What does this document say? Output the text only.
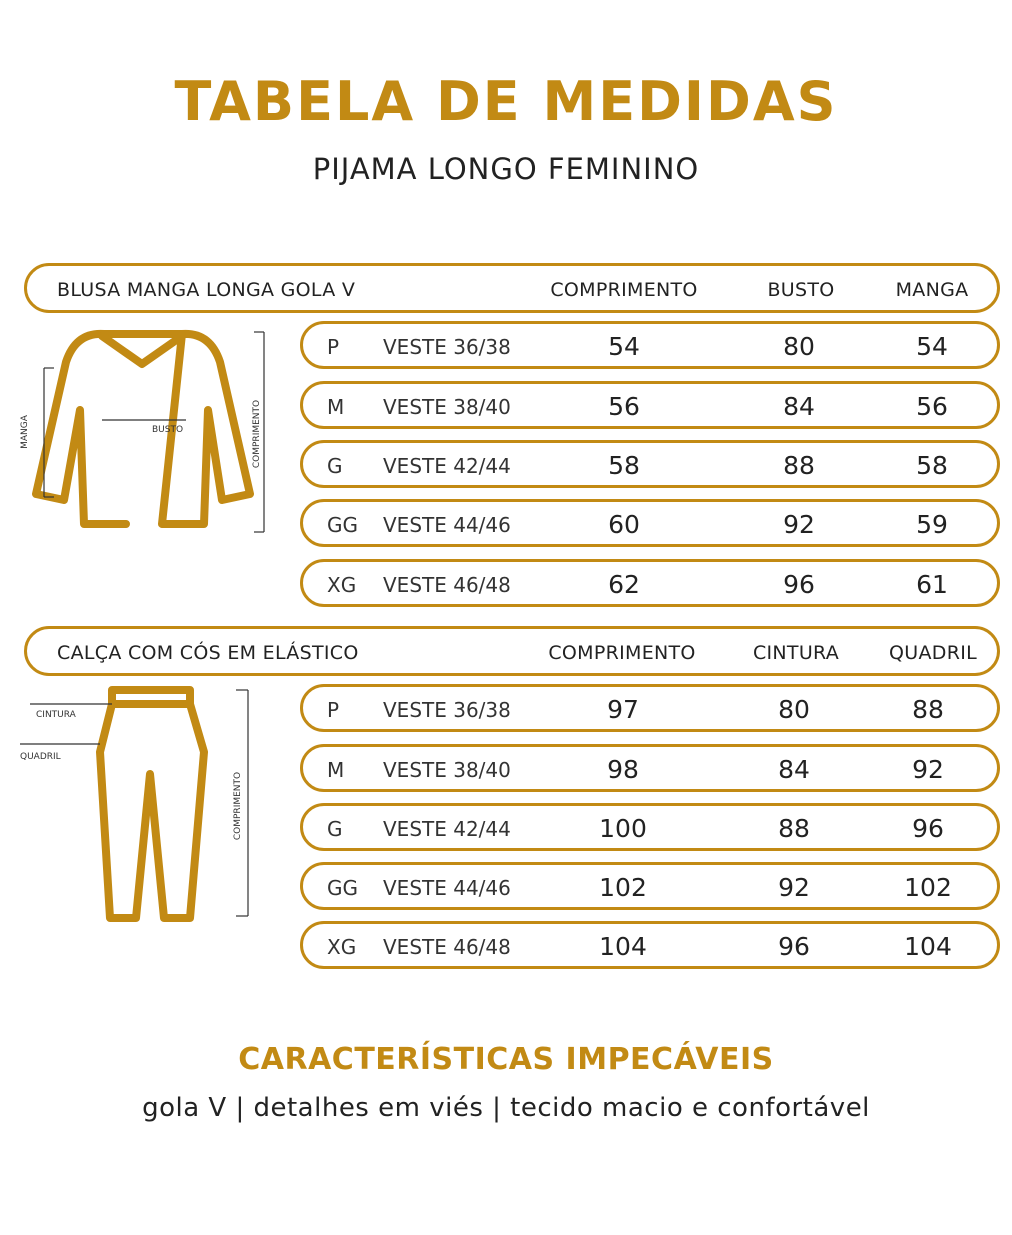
TABELA DE MEDIDAS
PIJAMA LONGO FEMININO
BLUSA MANGA LONGA GOLA V	COMPRIMENTO	BUSTO	MANGA
MANGA	BUSTO	COMPRIMENTO
P VESTE 36/38	54	80	54
M VESTE 38/40	56	84	56
G VESTE 42/44	58	88	58
GG VESTE 44/46	60	92	59
XG VESTE 46/48	62	96	61
CALÇA COM CÓS EM ELÁSTICO	COMPRIMENTO	CINTURA	QUADRIL
CINTURA
QUADRIL
COMPRIMENTO
P VESTE 36/38	97	80	88
M VESTE 38/40	98	84	92
G VESTE 42/44	100	88	96
GG VESTE 44/46	102	92	102
XG VESTE 46/48	104	96	104
CARACTERÍSTICAS IMPECÁVEIS
gola V | detalhes em viés | tecido macio e confortável
